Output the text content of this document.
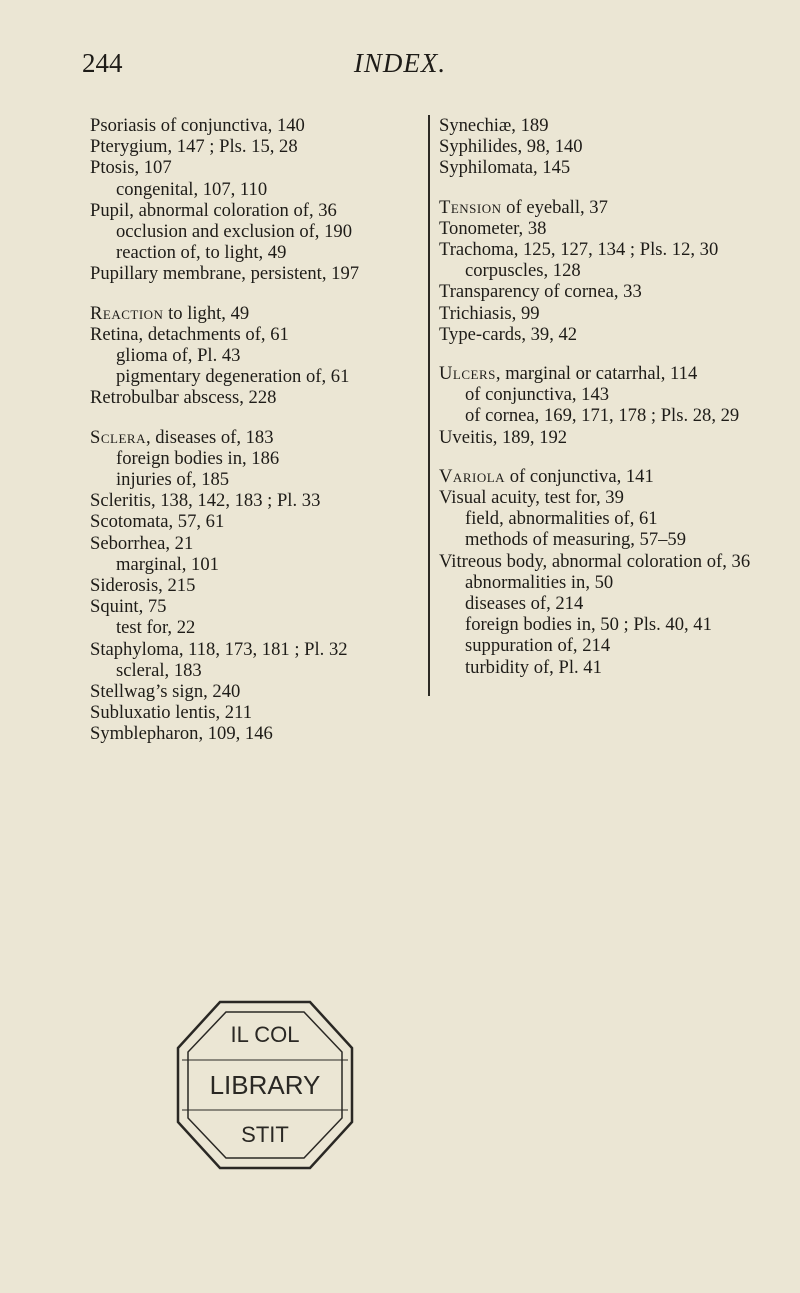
244	INDEX.
Psoriasis of conjunctiva, 140
Pterygium, 147 ; Pls. 15, 28
Ptosis, 107
congenital, 107, 110
Pupil, abnormal coloration of, 36
occlusion and exclusion of, 190
reaction of, to light, 49
Pupillary membrane, persistent, 197
Reaction to light, 49
Retina, detachments of, 61
glioma of, Pl. 43
pigmentary degeneration of, 61
Retrobulbar abscess, 228
Sclera, diseases of, 183
foreign bodies in, 186
injuries of, 185
Scleritis, 138, 142, 183 ; Pl. 33
Scotomata, 57, 61
Seborrhea, 21
marginal, 101
Siderosis, 215
Squint, 75
test for, 22
Staphyloma, 118, 173, 181 ; Pl. 32
scleral, 183
Stellwag’s sign, 240
Subluxatio lentis, 211
Symblepharon, 109, 146
Synechiæ, 189
Syphilides, 98, 140
Syphilomata, 145
Tension of eyeball, 37
Tonometer, 38
Trachoma, 125, 127, 134 ; Pls. 12, 30
corpuscles, 128
Transparency of cornea, 33
Trichiasis, 99
Type-cards, 39, 42
Ulcers, marginal or catarrhal, 114
of conjunctiva, 143
of cornea, 169, 171, 178 ; Pls. 28, 29
Uveitis, 189, 192
Variola of conjunctiva, 141
Visual acuity, test for, 39
field, abnormalities of, 61
methods of measuring, 57–59
Vitreous body, abnormal coloration of, 36
abnormalities in, 50
diseases of, 214
foreign bodies in, 50 ; Pls. 40, 41
suppuration of, 214
turbidity of, Pl. 41
IL COL
LIBRARY
STIT
